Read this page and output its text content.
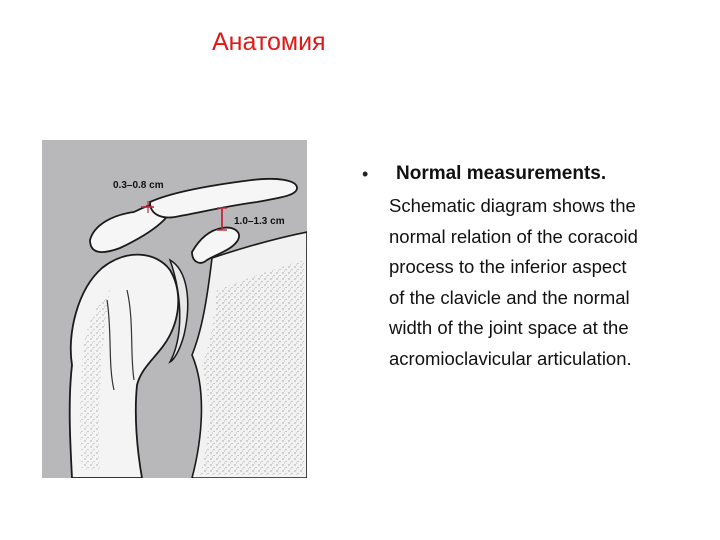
Анатомия
0.3–0.8 cm
1.0–1.3 cm
• Normal measurements.
Schematic diagram shows the
normal relation of the coracoid
process to the inferior aspect
of the clavicle and the normal
width of the joint space at the
acromioclavicular articulation.
